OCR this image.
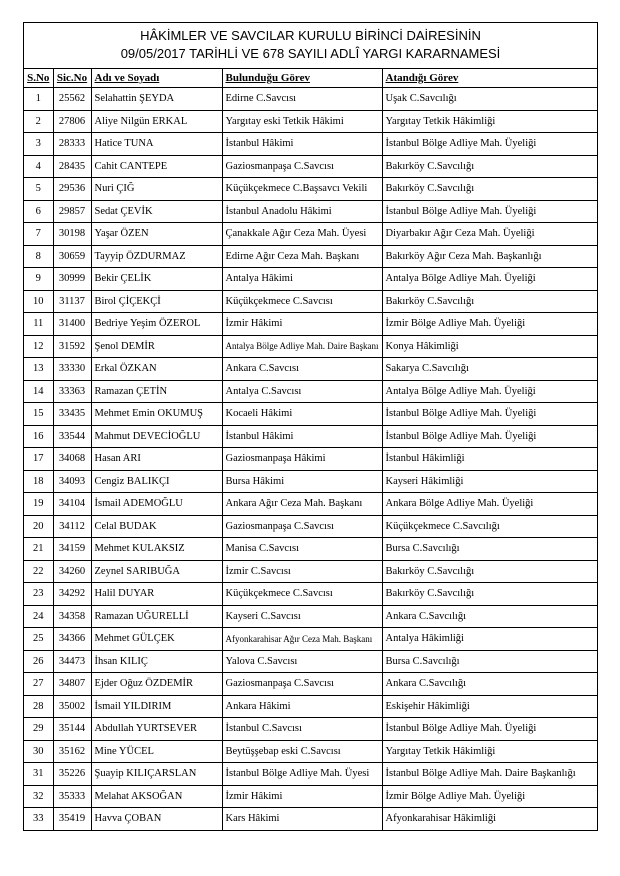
HÂKİMLER VE SAVCILAR KURULU BİRİNCİ DAİRESİNİN
09/05/2017 TARİHLİ VE 678 SAYILI ADLÎ YARGI KARARNAMESİ
S.No	Sic.No	Adı ve Soyadı	Bulunduğu Görev	Atandığı Görev
1	25562	Selahattin ŞEYDA	Edirne C.Savcısı	Uşak C.Savcılığı
2	27806	Aliye Nilgün ERKAL	Yargıtay eski Tetkik Hâkimi	Yargıtay Tetkik Hâkimliği
3	28333	Hatice TUNA	İstanbul Hâkimi	İstanbul Bölge Adliye Mah. Üyeliği
4	28435	Cahit CANTEPE	Gaziosmanpaşa C.Savcısı	Bakırköy C.Savcılığı
5	29536	Nuri ÇIĞ	Küçükçekmece C.Başsavcı Vekili	Bakırköy C.Savcılığı
6	29857	Sedat ÇEVİK	İstanbul Anadolu Hâkimi	İstanbul Bölge Adliye Mah. Üyeliği
7	30198	Yaşar ÖZEN	Çanakkale Ağır Ceza Mah. Üyesi	Diyarbakır Ağır Ceza Mah. Üyeliği
8	30659	Tayyip ÖZDURMAZ	Edirne Ağır Ceza Mah. Başkanı	Bakırköy Ağır Ceza Mah. Başkanlığı
9	30999	Bekir ÇELİK	Antalya Hâkimi	Antalya Bölge Adliye Mah. Üyeliği
10	31137	Birol ÇİÇEKÇİ	Küçükçekmece C.Savcısı	Bakırköy C.Savcılığı
11	31400	Bedriye Yeşim ÖZEROL	İzmir Hâkimi	İzmir Bölge Adliye Mah. Üyeliği
12	31592	Şenol DEMİR	Antalya Bölge Adliye Mah. Daire Başkanı	Konya Hâkimliği
13	33330	Erkal ÖZKAN	Ankara C.Savcısı	Sakarya C.Savcılığı
14	33363	Ramazan ÇETİN	Antalya C.Savcısı	Antalya Bölge Adliye Mah. Üyeliği
15	33435	Mehmet Emin OKUMUŞ	Kocaeli Hâkimi	İstanbul Bölge Adliye Mah. Üyeliği
16	33544	Mahmut DEVECİOĞLU	İstanbul Hâkimi	İstanbul Bölge Adliye Mah. Üyeliği
17	34068	Hasan ARI	Gaziosmanpaşa Hâkimi	İstanbul Hâkimliği
18	34093	Cengiz BALIKÇI	Bursa Hâkimi	Kayseri Hâkimliği
19	34104	İsmail ADEMOĞLU	Ankara Ağır Ceza Mah. Başkanı	Ankara Bölge Adliye Mah. Üyeliği
20	34112	Celal BUDAK	Gaziosmanpaşa C.Savcısı	Küçükçekmece C.Savcılığı
21	34159	Mehmet KULAKSIZ	Manisa C.Savcısı	Bursa C.Savcılığı
22	34260	Zeynel SARIBUĞA	İzmir C.Savcısı	Bakırköy C.Savcılığı
23	34292	Halil DUYAR	Küçükçekmece C.Savcısı	Bakırköy C.Savcılığı
24	34358	Ramazan UĞURELLİ	Kayseri C.Savcısı	Ankara C.Savcılığı
25	34366	Mehmet GÜLÇEK	Afyonkarahisar Ağır Ceza Mah. Başkanı	Antalya Hâkimliği
26	34473	İhsan KILIÇ	Yalova C.Savcısı	Bursa C.Savcılığı
27	34807	Ejder Oğuz ÖZDEMİR	Gaziosmanpaşa C.Savcısı	Ankara C.Savcılığı
28	35002	İsmail YILDIRIM	Ankara Hâkimi	Eskişehir Hâkimliği
29	35144	Abdullah YURTSEVER	İstanbul C.Savcısı	İstanbul Bölge Adliye Mah. Üyeliği
30	35162	Mine YÜCEL	Beytüşşebap eski C.Savcısı	Yargıtay Tetkik Hâkimliği
31	35226	Şuayip KILIÇARSLAN	İstanbul Bölge Adliye Mah. Üyesi	İstanbul Bölge Adliye Mah. Daire Başkanlığı
32	35333	Melahat AKSOĞAN	İzmir Hâkimi	İzmir Bölge Adliye Mah. Üyeliği
33	35419	Havva ÇOBAN	Kars Hâkimi	Afyonkarahisar Hâkimliği
